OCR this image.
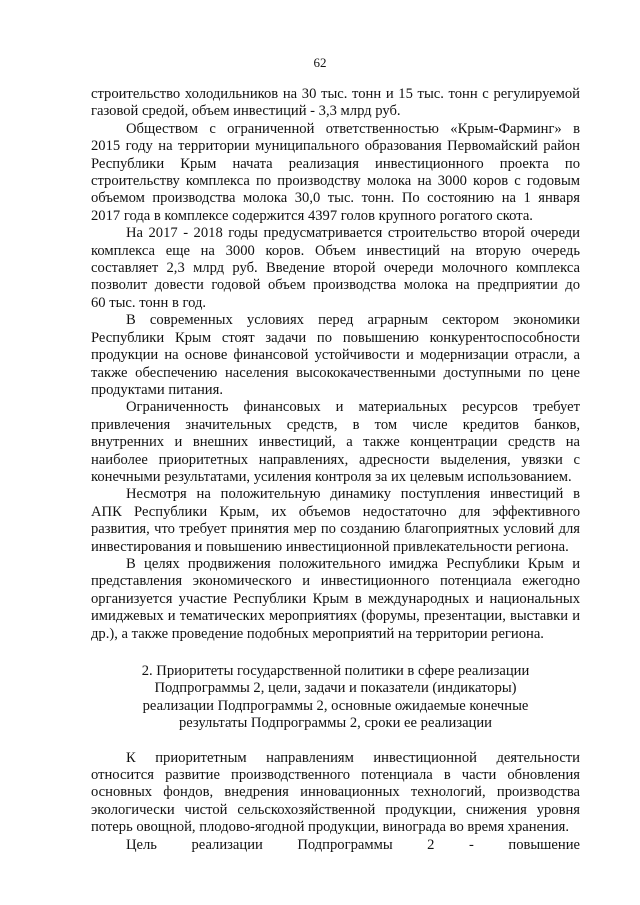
62

строительство холодильников на 30 тыс. тонн и 15 тыс. тонн с регулируемой
газовой средой, объем инвестиций - 3,3 млрд руб.

Обществом с ограниченной ответственностью «Крым-Фарминг» в
2015 году на территории муниципального образования Первомайский район
Республики Крым начата реализация инвестиционного проекта по
строительству комплекса по производству молока на 3000 коров с годовым
объемом производства молока 30,0 тыс. тонн. По состоянию на 1 января
2017 года в комплексе содержится 4397 голов крупного рогатого скота.

На 2017 - 2018 годы предусматривается строительство второй очереди
комплекса еще на 3000 коров. Объем инвестиций на вторую очередь
составляет 2,3 млрд руб. Введение второй очереди молочного комплекса
позволит довести годовой объем производства молока на предприятии до
60 тыс. тонн в год.

В современных условиях перед аграрным сектором экономики
Республики Крым стоят задачи по повышению конкурентоспособности
продукции на основе финансовой устойчивости и модернизации отрасли, а
также обеспечению населения высококачественными доступными по цене
продуктами питания.

Ограниченность финансовых и материальных ресурсов требует
привлечения значительных средств, в том числе кредитов банков,
внутренних и внешних инвестиций, а также концентрации средств на
наиболее приоритетных направлениях, адресности выделения, увязки с
конечными результатами, усиления контроля за их целевым использованием.

Несмотря на положительную динамику поступления инвестиций в
АПК Республики Крым, их объемов недостаточно для эффективного
развития, что требует принятия мер по созданию благоприятных условий для
инвестирования и повышению инвестиционной привлекательности региона.

В целях продвижения положительного имиджа Республики Крым и
представления экономического и инвестиционного потенциала ежегодно
организуется участие Республики Крым в международных и национальных
имиджевых и тематических мероприятиях (форумы, презентации, выставки и
др.), а также проведение подобных мероприятий на территории региона.

2. Приоритеты государственной политики в сфере реализации
Подпрограммы 2, цели, задачи и показатели (индикаторы)
реализации Подпрограммы 2, основные ожидаемые конечные
результаты Подпрограммы 2, сроки ее реализации

К приоритетным направлениям инвестиционной деятельности
относится развитие производственного потенциала в части обновления
основных фондов, внедрения инновационных технологий, производства
экологически чистой сельскохозяйственной продукции, снижения уровня
потерь овощной, плодово-ягодной продукции, винограда во время хранения.

Цель реализации Подпрограммы 2 - повышение
